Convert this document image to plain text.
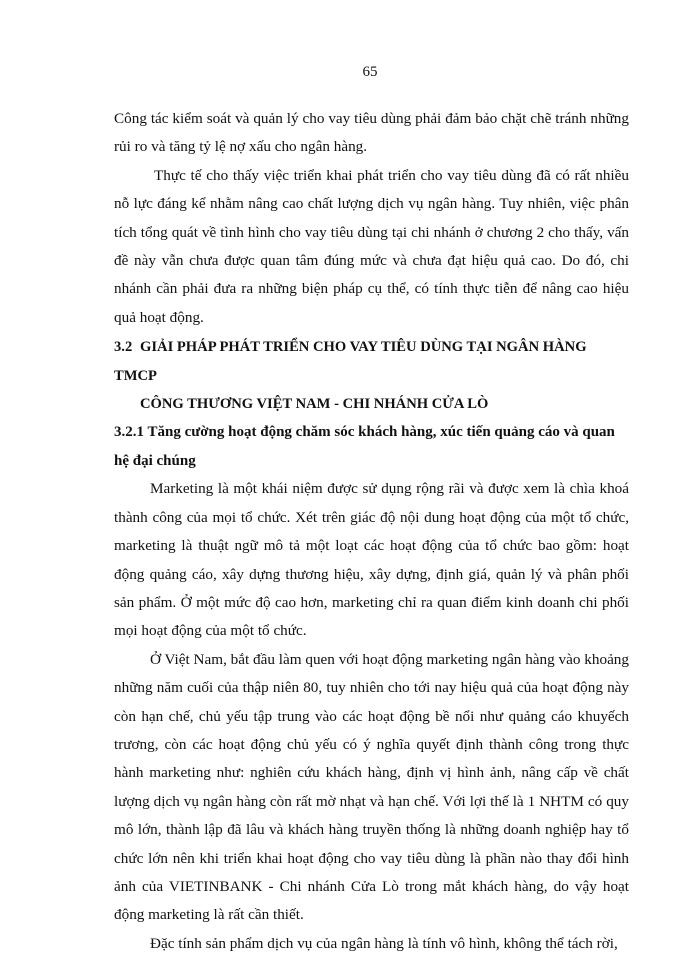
65

Công tác kiểm soát và quản lý cho vay tiêu dùng phải đảm bảo chặt chẽ tránh những rủi ro và tăng tỷ lệ nợ xấu cho ngân hàng.

Thực tế cho thấy việc triển khai phát triển cho vay tiêu dùng đã có rất nhiều nỗ lực đáng kể nhằm nâng cao chất lượng dịch vụ ngân hàng. Tuy nhiên, việc phân tích tổng quát về tình hình cho vay tiêu dùng tại chi nhánh ở chương 2 cho thấy, vấn đề này vẫn chưa được quan tâm đúng mức và chưa đạt hiệu quả cao. Do đó, chi nhánh cần phải đưa ra những biện pháp cụ thể, có tính thực tiễn để nâng cao hiệu quả hoạt động.

3.2 GIẢI PHÁP PHÁT TRIỂN CHO VAY TIÊU DÙNG TẠI NGÂN HÀNG TMCP
CÔNG THƯƠNG VIỆT NAM - CHI NHÁNH CỬA LÒ

3.2.1 Tăng cường hoạt động chăm sóc khách hàng, xúc tiến quảng cáo và quan hệ đại chúng

Marketing là một khái niệm được sử dụng rộng rãi và được xem là chìa khoá thành công của mọi tổ chức. Xét trên giác độ nội dung hoạt động của một tổ chức, marketing là thuật ngữ mô tả một loạt các hoạt động của tổ chức bao gồm: hoạt động quảng cáo, xây dựng thương hiệu, xây dựng, định giá, quản lý và phân phối sản phẩm. Ở một mức độ cao hơn, marketing chỉ ra quan điểm kinh doanh chi phối mọi hoạt động của một tổ chức.

Ở Việt Nam, bắt đầu làm quen với hoạt động marketing ngân hàng vào khoảng những năm cuối của thập niên 80, tuy nhiên cho tới nay hiệu quả của hoạt động này còn hạn chế, chủ yếu tập trung vào các hoạt động bề nổi như quảng cáo khuyếch trương, còn các hoạt động chủ yếu có ý nghĩa quyết định thành công trong thực hành marketing như: nghiên cứu khách hàng, định vị hình ảnh, nâng cấp về chất lượng dịch vụ ngân hàng còn rất mờ nhạt và hạn chế. Với lợi thế là 1 NHTM có quy mô lớn, thành lập đã lâu và khách hàng truyền thống là những doanh nghiệp hay tổ chức lớn nên khi triển khai hoạt động cho vay tiêu dùng là phần nào thay đổi hình ảnh của VIETINBANK - Chi nhánh Cửa Lò trong mắt khách hàng, do vậy hoạt động marketing là rất cần thiết.

Đặc tính sản phẩm dịch vụ của ngân hàng là tính vô hình, không thể tách rời,
